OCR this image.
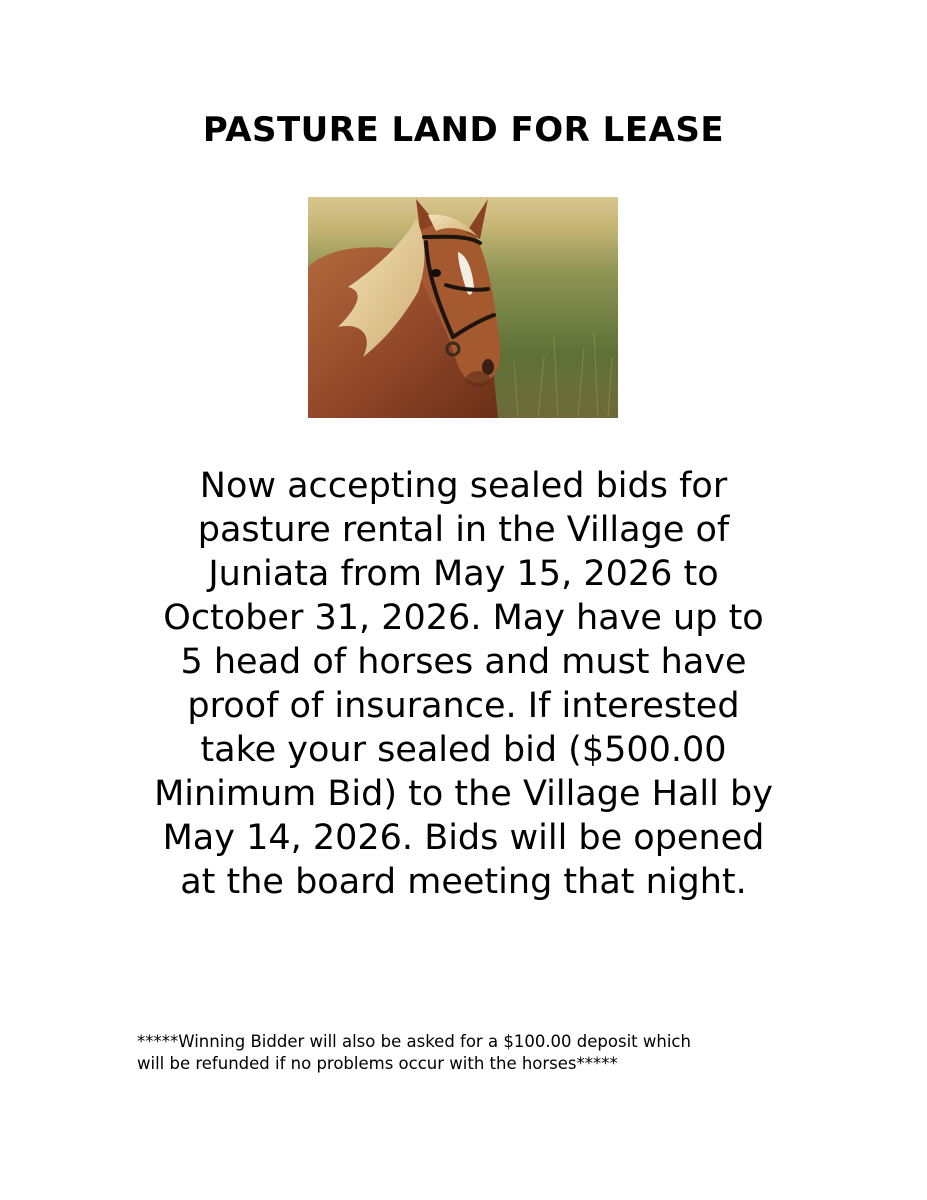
PASTURE LAND FOR LEASE

Now accepting sealed bids for
pasture rental in the Village of
Juniata from May 15, 2026 to
October 31, 2026. May have up to
5 head of horses and must have
proof of insurance. If interested
take your sealed bid ($500.00
Minimum Bid) to the Village Hall by
May 14, 2026. Bids will be opened
at the board meeting that night.

*****Winning Bidder will also be asked for a $100.00 deposit which
will be refunded if no problems occur with the horses*****
